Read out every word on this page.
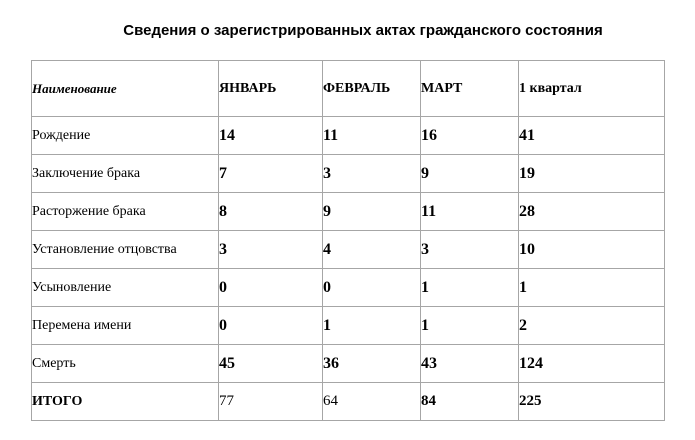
Сведения о зарегистрированных актах гражданского состояния
Наименование	ЯНВАРЬ	ФЕВРАЛЬ	МАРТ	1 квартал
Рождение	14	11	16	41
Заключение брака	7	3	9	19
Расторжение брака	8	9	11	28
Установление отцовства	3	4	3	10
Усыновление	0	0	1	1
Перемена имени	0	1	1	2
Смерть	45	36	43	124
ИТОГО	77	64	84	225
